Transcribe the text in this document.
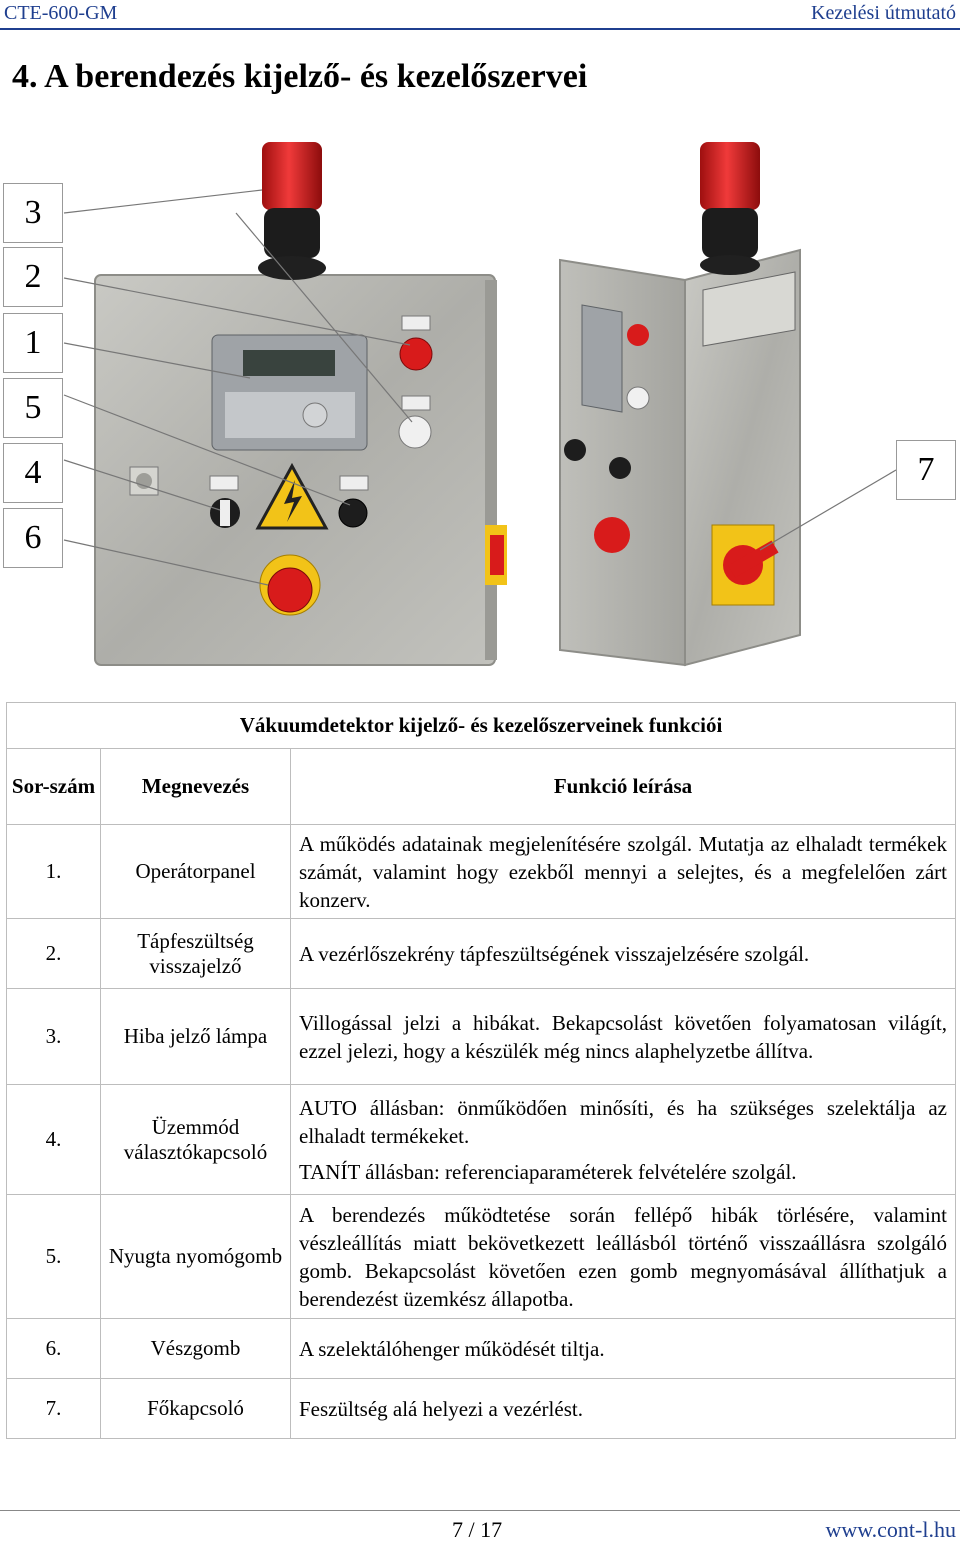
CTE-600-GM	Kezelési útmutató
4. A berendezés kijelző- és kezelőszervei
3
2
1
5
4
6
7
Vákuumdetektor kijelző- és kezelőszerveinek funkciói		
Sor-szám	Megnevezés	Funkció leírása
1.	Operátorpanel	A működés adatainak megjelenítésére szolgál. Mutatja az elhaladt termékek számát, valamint hogy ezekből mennyi a selejtes, és a megfelelően zárt konzerv.

2.	Tápfeszültség visszajelző	A vezérlőszekrény tápfeszültségének visszajelzésére szolgál.

3.	Hiba jelző lámpa	Villogással jelzi a hibákat. Bekapcsolást követően folyamatosan világít, ezzel jelezi, hogy a készülék még nincs alaphelyzetbe állítva.

4.	Üzemmód választókapcsoló	AUTO állásban: önműködően minősíti, és ha szükséges szelektálja az elhaladt termékeket.

TANÍT állásban: referenciaparaméterek felvételére szolgál.

5.	Nyugta nyomógomb	A berendezés működtetése során fellépő hibák törlésére, valamint vészleállítás miatt bekövetkezett leállásból történő visszaállásra szolgáló gomb. Bekapcsolást követően ezen gomb megnyomásával állíthatjuk a berendezést üzemkész állapotba.

6.	Vészgomb	A szelektálóhenger működését tiltja.

7.	Főkapcsoló	Feszültség alá helyezi a vezérlést.

7 / 17	www.cont-l.hu
